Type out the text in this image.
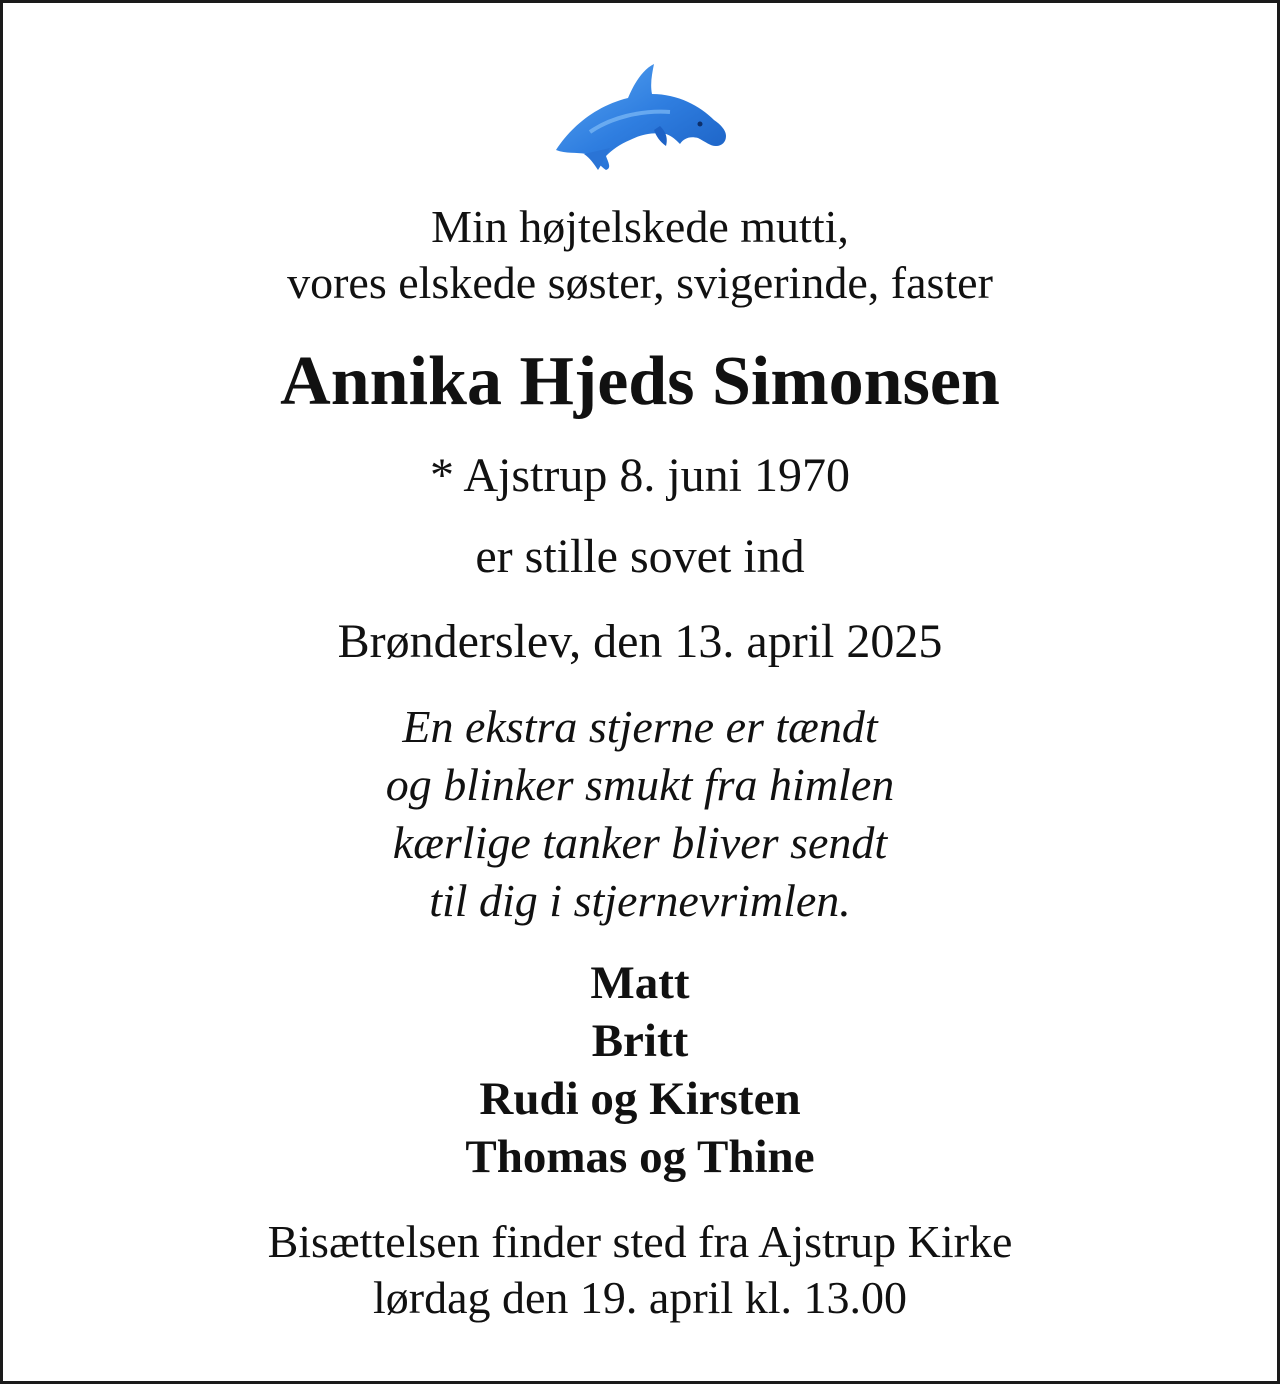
Min højtelskede mutti,
vores elskede søster, svigerinde, faster
Annika Hjeds Simonsen
* Ajstrup 8. juni 1970
er stille sovet ind
Brønderslev, den 13. april 2025
En ekstra stjerne er tændt
og blinker smukt fra himlen
kærlige tanker bliver sendt
til dig i stjernevrimlen.
Matt
Britt
Rudi og Kirsten
Thomas og Thine
Bisættelsen finder sted fra Ajstrup Kirke
lørdag den 19. april kl. 13.00
